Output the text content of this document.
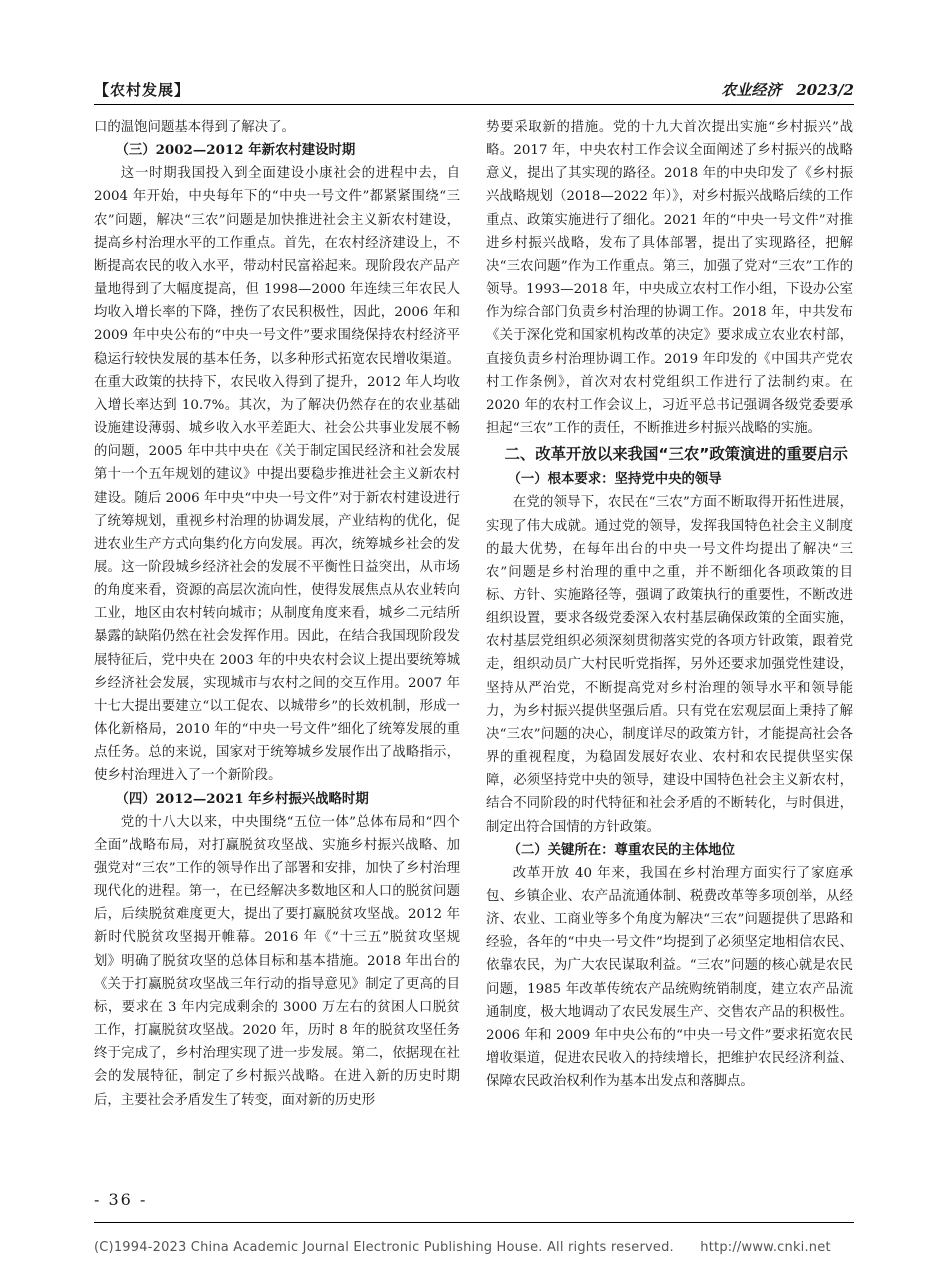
【农村发展】	农业经济　2023/2

口的温饱问题基本得到了解决了。

（三）2002—2012 年新农村建设时期

这一时期我国投入到全面建设小康社会的进程中去，自2004 年开始，中央每年下的“中央一号文件”都紧紧围绕“三农”问题，解决“三农”问题是加快推进社会主义新农村建设，提高乡村治理水平的工作重点。首先，在农村经济建设上，不断提高农民的收入水平，带动村民富裕起来。现阶段农产品产量地得到了大幅度提高，但 1998—2000 年连续三年农民人均收入增长率的下降，挫伤了农民积极性，因此，2006 年和 2009 年中央公布的“中央一号文件”要求围绕保持农村经济平稳运行较快发展的基本任务，以多种形式拓宽农民增收渠道。在重大政策的扶持下，农民收入得到了提升，2012 年人均收入增长率达到 10.7%。其次，为了解决仍然存在的农业基础设施建设薄弱、城乡收入水平差距大、社会公共事业发展不畅的问题，2005 年中共中央在《关于制定国民经济和社会发展第十一个五年规划的建议》中提出要稳步推进社会主义新农村建设。随后 2006 年中央“中央一号文件”对于新农村建设进行了统筹规划，重视乡村治理的协调发展，产业结构的优化，促进农业生产方式向集约化方向发展。再次，统筹城乡社会的发展。这一阶段城乡经济社会的发展不平衡性日益突出，从市场的角度来看，资源的高层次流向性，使得发展焦点从农业转向工业，地区由农村转向城市；从制度角度来看，城乡二元结所暴露的缺陷仍然在社会发挥作用。因此，在结合我国现阶段发展特征后，党中央在 2003 年的中央农村会议上提出要统筹城乡经济社会发展，实现城市与农村之间的交互作用。2007 年十七大提出要建立“以工促农、以城带乡”的长效机制，形成一体化新格局，2010 年的“中央一号文件”细化了统筹发展的重点任务。总的来说，国家对于统筹城乡发展作出了战略指示，使乡村治理进入了一个新阶段。

（四）2012—2021 年乡村振兴战略时期

党的十八大以来，中央围绕“五位一体”总体布局和“四个全面”战略布局，对打赢脱贫攻坚战、实施乡村振兴战略、加强党对“三农”工作的领导作出了部署和安排，加快了乡村治理现代化的进程。第一，在已经解决多数地区和人口的脱贫问题后，后续脱贫难度更大，提出了要打赢脱贫攻坚战。2012 年新时代脱贫攻坚揭开帷幕。2016 年《“十三五”脱贫攻坚规划》明确了脱贫攻坚的总体目标和基本措施。2018 年出台的《关于打赢脱贫攻坚战三年行动的指导意见》制定了更高的目标，要求在 3 年内完成剩余的 3000 万左右的贫困人口脱贫工作，打赢脱贫攻坚战。2020 年，历时 8 年的脱贫攻坚任务终于完成了，乡村治理实现了进一步发展。第二，依据现在社会的发展特征，制定了乡村振兴战略。在进入新的历史时期后，主要社会矛盾发生了转变，面对新的历史形

势要采取新的措施。党的十九大首次提出实施“乡村振兴”战略。2017 年，中央农村工作会议全面阐述了乡村振兴的战略意义，提出了其实现的路径。2018 年的中央印发了《乡村振兴战略规划（2018—2022 年）》，对乡村振兴战略后续的工作重点、政策实施进行了细化。2021 年的“中央一号文件”对推进乡村振兴战略，发布了具体部署，提出了实现路径，把解决“三农问题”作为工作重点。第三，加强了党对“三农”工作的领导。1993—2018 年，中央成立农村工作小组，下设办公室作为综合部门负责乡村治理的协调工作。2018 年，中共发布《关于深化党和国家机构改革的决定》要求成立农业农村部，直接负责乡村治理协调工作。2019 年印发的《中国共产党农村工作条例》，首次对农村党组织工作进行了法制约束。在 2020 年的农村工作会议上，习近平总书记强调各级党委要承担起“三农”工作的责任，不断推进乡村振兴战略的实施。

二、改革开放以来我国“三农”政策演进的重要启示
（一）根本要求：坚持党中央的领导

在党的领导下，农民在“三农”方面不断取得开拓性进展，实现了伟大成就。通过党的领导，发挥我国特色社会主义制度的最大优势，在每年出台的中央一号文件均提出了解决“三农”问题是乡村治理的重中之重，并不断细化各项政策的目标、方针、实施路径等，强调了政策执行的重要性，不断改进组织设置，要求各级党委深入农村基层确保政策的全面实施，农村基层党组织必须深刻贯彻落实党的各项方针政策，跟着党走，组织动员广大村民听党指挥，另外还要求加强党性建设，坚持从严治党，不断提高党对乡村治理的领导水平和领导能力，为乡村振兴提供坚强后盾。只有党在宏观层面上秉持了解决“三农”问题的决心，制度详尽的政策方针，才能提高社会各界的重视程度，为稳固发展好农业、农村和农民提供坚实保障，必须坚持党中央的领导，建设中国特色社会主义新农村，结合不同阶段的时代特征和社会矛盾的不断转化，与时俱进，制定出符合国情的方针政策。

（二）关键所在：尊重农民的主体地位

改革开放 40 年来，我国在乡村治理方面实行了家庭承包、乡镇企业、农产品流通体制、税费改革等多项创举，从经济、农业、工商业等多个角度为解决“三农”问题提供了思路和经验，各年的“中央一号文件”均提到了必须坚定地相信农民、依靠农民，为广大农民谋取利益。“三农”问题的核心就是农民问题，1985 年改革传统农产品统购统销制度，建立农产品流通制度，极大地调动了农民发展生产、交售农产品的积极性。2006 年和 2009 年中央公布的“中央一号文件”要求拓宽农民增收渠道，促进农民收入的持续增长，把维护农民经济利益、保障农民政治权利作为基本出发点和落脚点。

- 36 -
(C)1994-2023 China Academic Journal Electronic Publishing House. All rights reserved.　　http://www.cnki.net
